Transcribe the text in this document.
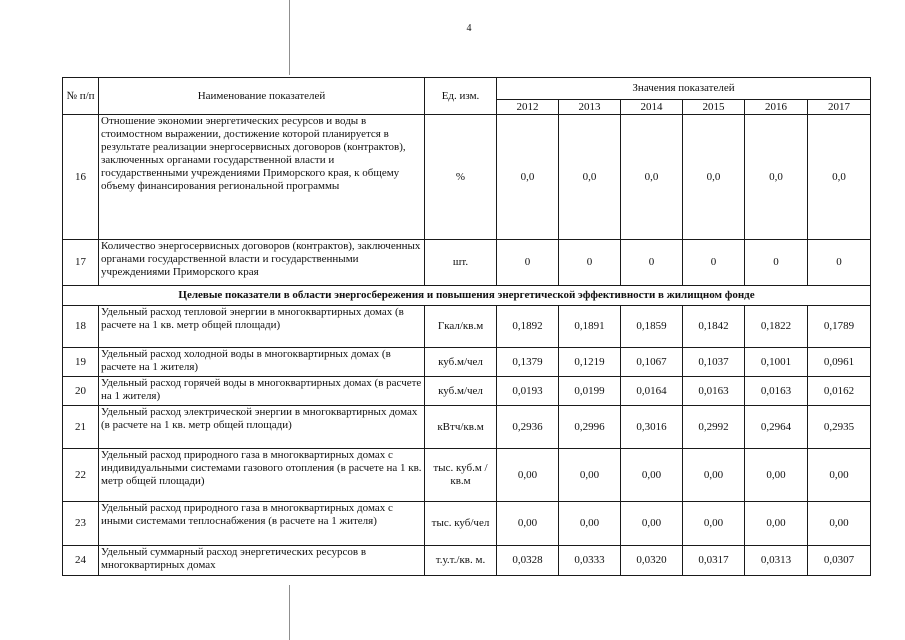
4
№ п/п	Наименование показателей	Ед. изм.	Значения показателей					
			2012	2013	2014	2015	2016	2017
16	Отношение экономии энергетических ресурсов и воды в стоимостном выражении, достижение которой планируется в результате реализации энергосервисных договоров (контрактов), заключенных органами государственной власти и государственными учреждениями Приморского края, к общему объему финансирования региональной программы	%	0,0	0,0	0,0	0,0	0,0	0,0
17	Количество энергосервисных договоров (контрактов), заключенных органами государственной власти и государственными учреждениями Приморского края	шт.	0	0	0	0	0	0
Целевые показатели в области энергосбережения и повышения энергетической эффективности в жилищном фонде								
18	Удельный расход тепловой энергии в многоквартирных домах (в расчете на 1 кв. метр общей площади)	Гкал/кв.м	0,1892	0,1891	0,1859	0,1842	0,1822	0,1789
19	Удельный расход холодной воды в многоквартирных домах (в расчете на 1 жителя)	куб.м/чел	0,1379	0,1219	0,1067	0,1037	0,1001	0,0961
20	Удельный расход горячей воды в многоквартирных домах (в расчете на 1 жителя)	куб.м/чел	0,0193	0,0199	0,0164	0,0163	0,0163	0,0162
21	Удельный расход электрической энергии в многоквартирных домах (в расчете на 1 кв. метр общей площади)	кВтч/кв.м	0,2936	0,2996	0,3016	0,2992	0,2964	0,2935
22	Удельный расход природного газа в многоквартирных домах с индивидуальными системами газового отопления (в расчете на 1 кв. метр общей площади)	тыс. куб.м /кв.м	0,00	0,00	0,00	0,00	0,00	0,00
23	Удельный расход природного газа в многоквартирных домах с иными системами теплоснабжения (в расчете на 1 жителя)	тыс. куб/чел	0,00	0,00	0,00	0,00	0,00	0,00
24	Удельный суммарный расход энергетических ресурсов в многоквартирных домах	т.у.т./кв. м.	0,0328	0,0333	0,0320	0,0317	0,0313	0,0307
